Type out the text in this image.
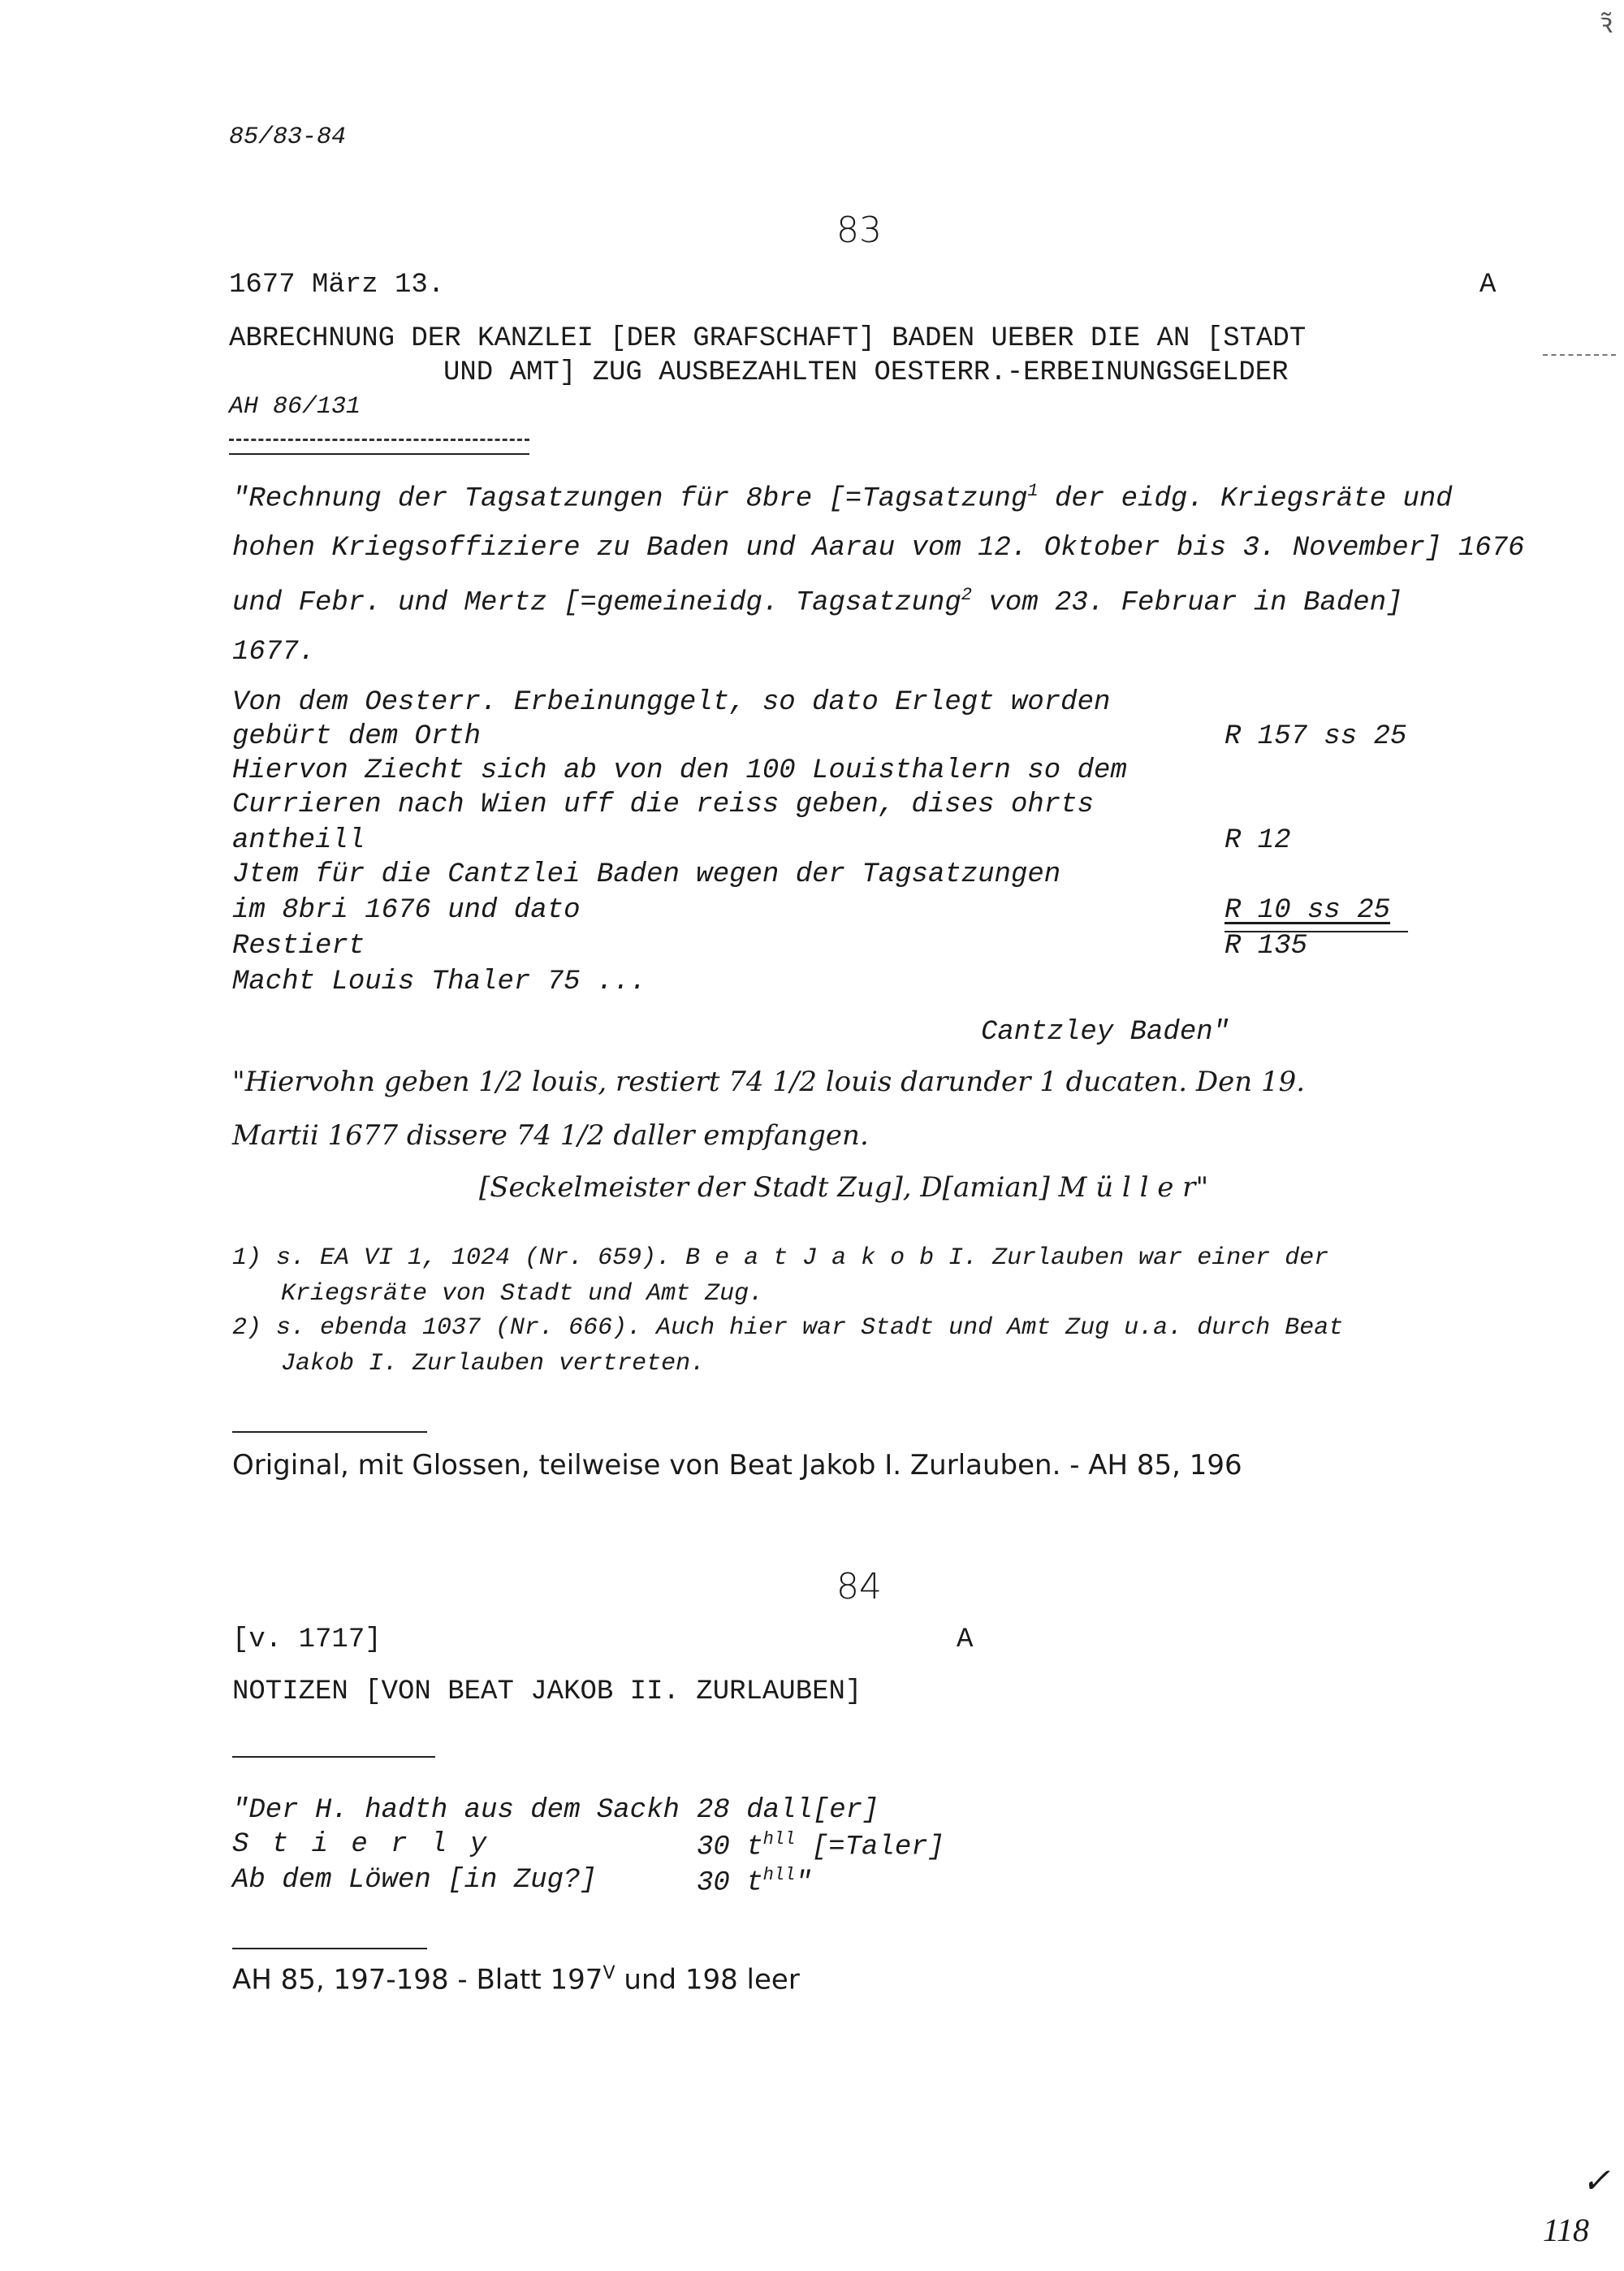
85/83-84
ꝛ̃
83
1677 März 13.	A
ABRECHNUNG DER KANZLEI [DER GRAFSCHAFT] BADEN UEBER DIE AN [STADT
UND AMT] ZUG AUSBEZAHLTEN OESTERR.-ERBEINUNGSGELDER
AH 86/131
"Rechnung der Tagsatzungen für 8bre [=Tagsatzung$^1$ der eidg. Kriegsräte und
hohen Kriegsoffiziere zu Baden und Aarau vom 12. Oktober bis 3. November] 1676
und Febr. und Mertz [=gemeineidg. Tagsatzung$^2$ vom 23. Februar in Baden]
1677.
Von dem Oesterr. Erbeinunggelt, so dato Erlegt worden
gebürt dem Orth	R 157 ss 25
Hiervon Ziecht sich ab von den 100 Louisthalern so dem
Currieren nach Wien uff die reiss geben, dises ohrts
antheill	R 12
Jtem für die Cantzlei Baden wegen der Tagsatzungen
im 8bri 1676 und dato	R 10 ss 25
Restiert	R 135
Macht Louis Thaler 75 ...
Cantzley Baden"
"Hiervohn geben 1/2 louis, restiert 74 1/2 louis darunder 1 ducaten. Den 19.
Martii 1677 dissere 74 1/2 daller empfangen.
[Seckelmeister der Stadt Zug], D[amian] M ü l l e r"
1) s. EA VI 1, 1024 (Nr. 659). B e a t J a k o b I. Zurlauben war einer der
Kriegsräte von Stadt und Amt Zug.
2) s. ebenda 1037 (Nr. 666). Auch hier war Stadt und Amt Zug u.a. durch Beat
Jakob I. Zurlauben vertreten.
Original, mit Glossen, teilweise von Beat Jakob I. Zurlauben. - AH 85, 196
84
[v. 1717]	A
NOTIZEN [VON BEAT JAKOB II. ZURLAUBEN]
"Der H. hadth aus dem Sackh 28 dall[er]
S t i e r l y	30 $t^{hll}$ [=Taler]
Ab dem Löwen [in Zug?]	30 $t^{hll}$"
AH 85, 197-198 - Blatt $197^V$ und 198 leer
✓
118
